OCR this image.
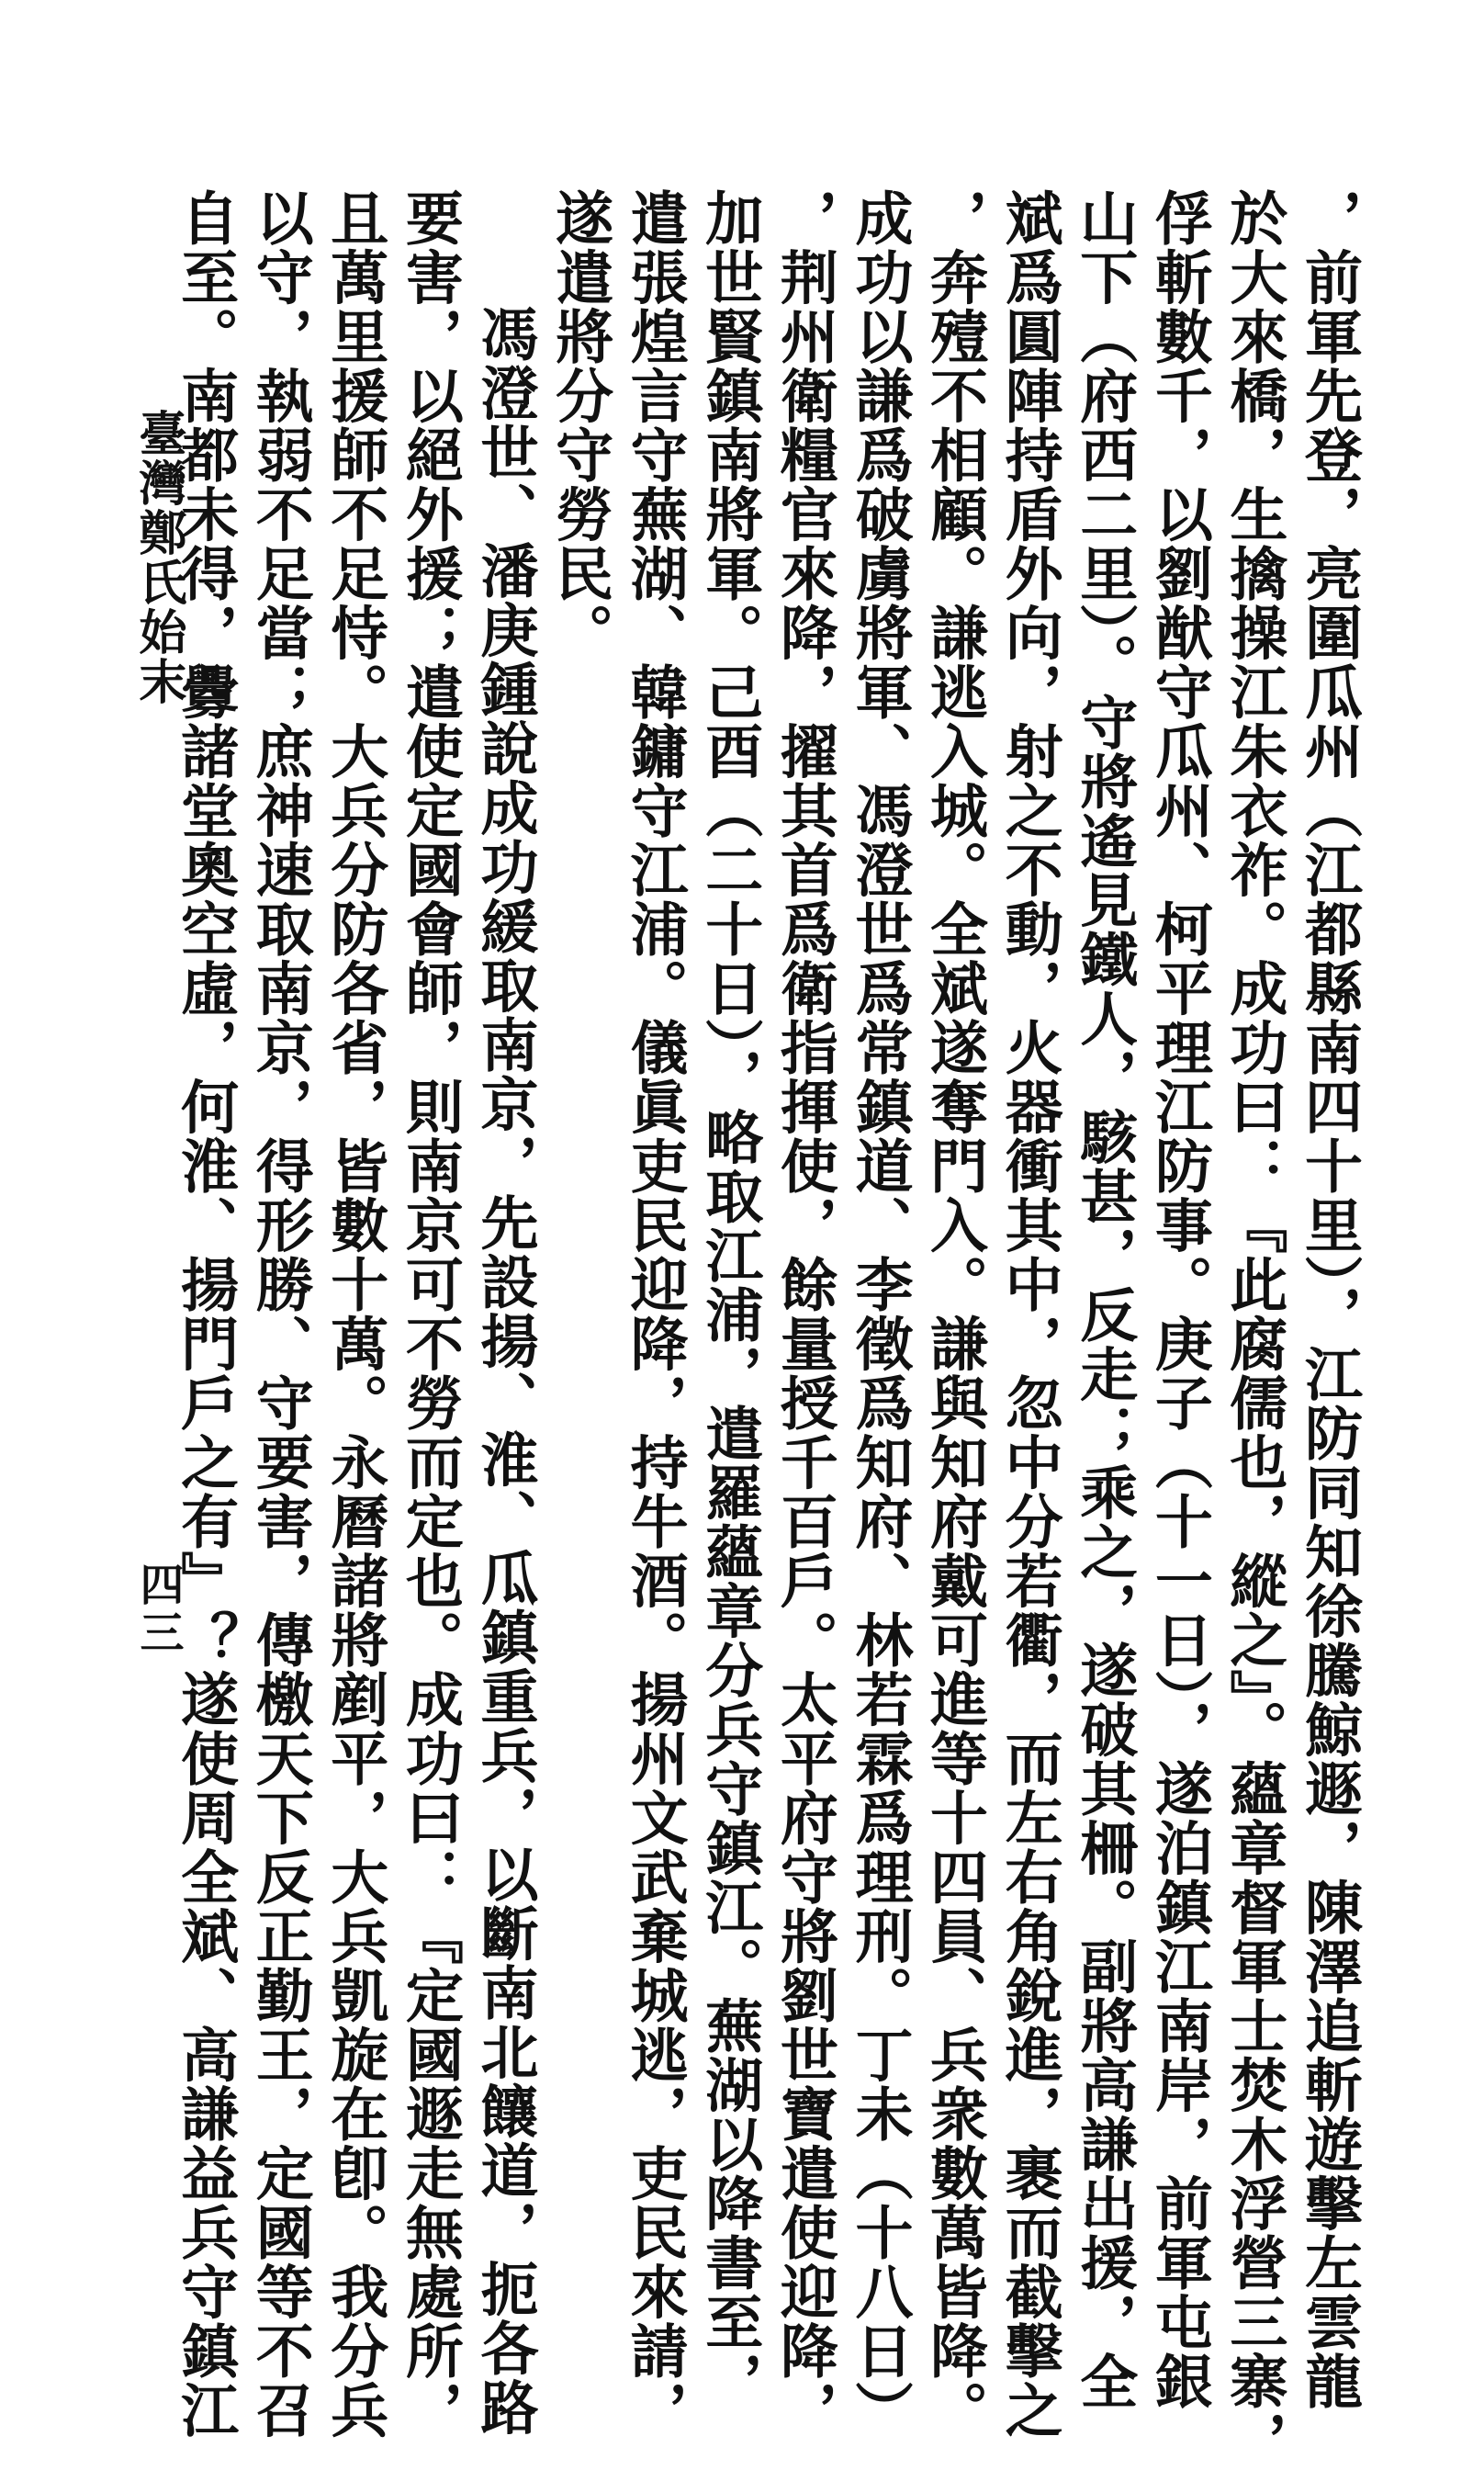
臺灣鄭氏始末
四三	，前軍先登，亮圍瓜州（江都縣南四十里），江防同知徐騰鯨遯，陳澤追斬遊擊左雲龍

於大來橋，生擒操江朱衣祚。成功曰：『此腐儒也，縱之』。蘊章督軍士焚木浮營三寨，

俘斬數千，以劉猷守瓜州、柯平理江防事。庚子（十一日），遂泊鎮江南岸，前軍屯銀

山下（府西二里）。守將遙見鐵人，駭甚，反走；乘之，遂破其柵。副將高謙出援，全

斌爲圓陣持盾外向，射之不動，火器衝其中，忽中分若衢，而左右角銳進，裹而截擊之

，奔殪不相顧。謙逃入城。全斌遂奪門入。謙與知府戴可進等十四員、兵衆數萬皆降。

成功以謙爲破虜將軍、馮澄世爲常鎮道、李徵爲知府、林若霖爲理刑。丁未（十八日）

，荆州衛糧官來降，擢其首爲衛指揮使，餘量授千百戶。太平府守將劉世寶遣使迎降，

加世賢鎮南將軍。己酉（二十日），略取江浦，遣羅蘊章分兵守鎮江。蕪湖以降書至，

遣張煌言守蕪湖、韓鏞守江浦。儀眞吏民迎降，持牛酒。揚州文武棄城逃，吏民來請，

遂遣將分守勞民。

馮澄世、潘庚鍾說成功緩取南京，先設揚、淮、瓜鎮重兵，以斷南北饟道，扼各路

要害，以絕外援；遣使定國會師，則南京可不勞而定也。成功曰：『定國遯走無處所，

且萬里援師不足恃。大兵分防各省，皆數十萬。永曆諸將剷平，大兵凱旋在卽。我分兵

以守，執弱不足當；庶神速取南京，得形勝、守要害，傳檄天下反正勤王，定國等不召

自至。南都未得，釁諸堂奧空虛，何淮、揚門戶之有』？遂使周全斌、高謙益兵守鎮江
